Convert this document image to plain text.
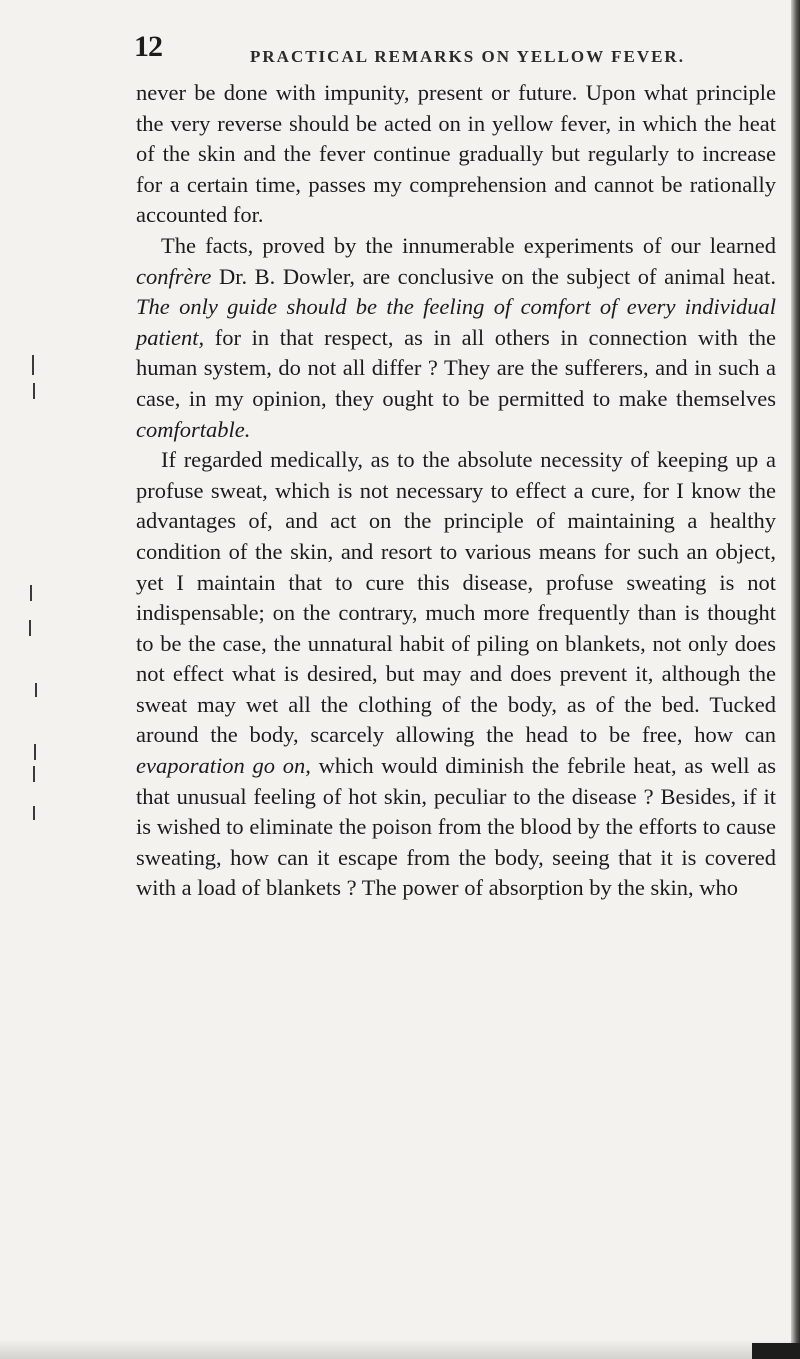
12	PRACTICAL REMARKS ON YELLOW FEVER.

never be done with impunity, present or future. Upon what principle the very reverse should be acted on in yellow fever, in which the heat of the skin and the fever continue gradually but regularly to increase for a certain time, passes my comprehension and cannot be rationally accounted for.

The facts, proved by the innumerable experiments of our learned confrère Dr. B. Dowler, are conclusive on the subject of animal heat. The only guide should be the feeling of comfort of every individual patient, for in that respect, as in all others in connection with the human system, do not all differ ? They are the sufferers, and in such a case, in my opinion, they ought to be permitted to make themselves comfortable.

If regarded medically, as to the absolute necessity of keeping up a profuse sweat, which is not necessary to effect a cure, for I know the advantages of, and act on the principle of maintaining a healthy condition of the skin, and resort to various means for such an object, yet I maintain that to cure this disease, profuse sweating is not indispensable; on the contrary, much more frequently than is thought to be the case, the unnatural habit of piling on blankets, not only does not effect what is desired, but may and does prevent it, although the sweat may wet all the clothing of the body, as of the bed. Tucked around the body, scarcely allowing the head to be free, how can evaporation go on, which would diminish the febrile heat, as well as that unusual feeling of hot skin, peculiar to the disease ? Besides, if it is wished to eliminate the poison from the blood by the efforts to cause sweating, how can it escape from the body, seeing that it is covered with a load of blankets ? The power of absorption by the skin, who
